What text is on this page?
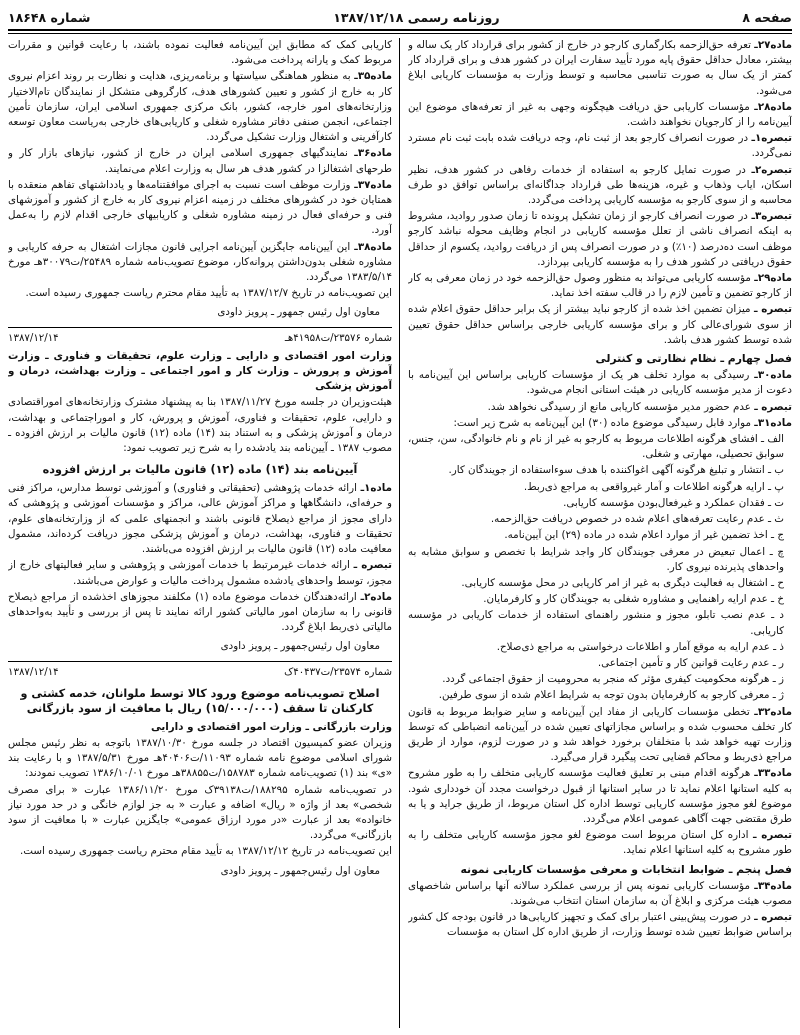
صفحه ۸
روزنامه رسمی ۱۳۸۷/۱۲/۱۸
شماره ۱۸۶۴۸
ماده۲۷ـ تعرفه حق‌الزحمه بکارگماری کارجو در خارج از کشور برای قرارداد کار یک ساله و بیشتر، معادل حداقل حقوق پایه مورد تأیید سفارت ایران در کشور هدف و برای قرارداد کار کمتر از یک سال به صورت تناسبی محاسبه و توسط وزارت به مؤسسات کاریابی ابلاغ می‌شود.
ماده۲۸ـ مؤسسات کاریابی حق دریافت هیچگونه وجهی به غیر از تعرفه‌های موضوع این آیین‌نامه را از کارجویان نخواهند داشت.
تبصره۱ـ در صورت انصراف کارجو بعد از ثبت نام، وجه دریافت شده بابت ثبت نام مسترد نمی‌گردد.
تبصره۲ـ در صورت تمایل کارجو به استفاده از خدمات رفاهی در کشور هدف، نظیر اسکان، ایاب وذهاب و غیره، هزینه‌ها طی قرارداد جداگانه‌ای براساس توافق دو طرف محاسبه و از سوی کارجو به مؤسسه کاریابی پرداخت می‌گردد.
تبصره۳ـ در صورت انصراف کارجو از زمان تشکیل پرونده تا زمان صدور روادید، مشروط به اینکه انصراف ناشی از تعلل مؤسسه کاریابی در انجام وظایف محوله نباشد کارجو موظف است ده‌درصد (۱۰٪) و در صورت انصراف پس از دریافت روادید، یکسوم از حداقل حقوق دریافتی در کشور هدف را به مؤسسه کاریابی بپردازد.
ماده۲۹ـ مؤسسه کاریابی می‌تواند به منظور وصول حق‌الزحمه خود در زمان معرفی به کار از کارجو تضمین و تأمین لازم را در قالب سفته اخذ نماید.
تبصره ـ میزان تضمین اخذ شده از کارجو نباید بیشتر از یک برابر حداقل حقوق اعلام شده از سوی شورای‌عالی کار و برای مؤسسه کاریابی خارجی براساس حداقل حقوق تعیین شده توسط کشور هدف باشد.
فصل چهارم ـ نظام نظارتی و کنترلی
ماده۳۰ـ رسیدگی به موارد تخلف هر یک از مؤسسات کاریابی براساس این آیین‌نامه با دعوت از مدیر مؤسسه کاریابی در هیئت استانی انجام می‌شود.
تبصره ـ عدم حضور مدیر مؤسسه کاریابی مانع از رسیدگی نخواهد شد.
ماده۳۱ـ موارد قابل رسیدگی موضوع ماده (۳۰) این آیین‌نامه به شرح زیر است:
الف ـ افشای هرگونه اطلاعات مربوط به کارجو به غیر از نام و نام خانوادگی، سن، جنس، سوابق تحصیلی، مهارتی و شغلی.
ب ـ انتشار و تبلیغ هرگونه آگهی اغواکننده با هدف سوءاستفاده از جویندگان کار.
پ ـ ارایه هرگونه اطلاعات و آمار غیرواقعی به مراجع ذی‌ربط.
ت ـ فقدان عملکرد و غیرفعال‌بودن مؤسسه کاریابی.
ث ـ عدم رعایت تعرفه‌های اعلام شده در خصوص دریافت حق‌الزحمه.
ج ـ اخذ تضمین غیر از موارد اعلام شده در ماده (۲۹) این آیین‌نامه.
چ ـ اعمال تبعیض در معرفی جویندگان کار واجد شرایط با تخصص و سوابق مشابه به واحدهای پذیرنده نیروی کار.
ح ـ اشتغال به فعالیت دیگری به غیر از امر کاریابی در محل مؤسسه کاریابی.
خ ـ عدم ارایه راهنمایی و مشاوره شغلی به جویندگان کار و کارفرمایان.
د ـ عدم نصب تابلو، مجوز و منشور راهنمای استفاده از خدمات کاریابی در مؤسسه کاریابی.
ذ ـ عدم ارایه به موقع آمار و اطلاعات درخواستی به مراجع ذی‌صلاح.
ر ـ عدم رعایت قوانین کار و تأمین اجتماعی.
ز ـ هرگونه محکومیت کیفری مؤثر که منجر به محرومیت از حقوق اجتماعی گردد.
ژ ـ معرفی کارجو به کارفرمایان بدون توجه به شرایط اعلام شده از سوی طرفین.
ماده۳۲ـ تخطی مؤسسات کاریابی از مفاد این آیین‌نامه و سایر ضوابط مربوط به قانون کار تخلف محسوب شده و براساس مجازاتهای تعیین شده در آیین‌نامه انضباطی که توسط وزارت تهیه خواهد شد با متخلفان برخورد خواهد شد و در صورت لزوم، موارد از طریق مراجع ذی‌ربط و محاکم قضایی تحت پیگیرد قرار می‌گیرد.
ماده۳۳ـ هرگونه اقدام مبنی بر تعلیق فعالیت مؤسسه کاریابی متخلف را به طور مشروح به کلیه استانها اعلام نماید تا در سایر استانها از قبول درخواست مجدد آن خودداری شود. موضوع لغو مجوز مؤسسه کاریابی توسط اداره کل استان مربوط، از طریق جراید و یا به طرق مقتضی جهت آگاهی عمومی اعلام می‌گردد.
تبصره ـ اداره کل استان مربوط است موضوع لغو مجوز مؤسسه کاریابی متخلف را به طور مشروح به کلیه استانها اعلام نماید.
فصل پنجم ـ ضوابط انتخابات و معرفی مؤسسات کاریابی نمونه
ماده۳۴ـ مؤسسات کاریابی نمونه پس از بررسی عملکرد سالانه آنها براساس شاخصهای مصوب هیئت مرکزی و ابلاغ آن به سازمان استان انتخاب می‌شوند.
تبصره ـ در صورت پیش‌بینی اعتبار برای کمک و تجهیز کاریابی‌ها در قانون بودجه کل کشور براساس ضوابط تعیین شده توسط وزارت، از طریق اداره کل استان به مؤسسات
کاریابی کمک که مطابق این آیین‌نامه فعالیت نموده باشند، با رعایت قوانین و مقررات مربوط کمک و یارانه پرداخت می‌شود.
ماده۳۵ـ به منظور هماهنگی سیاستها و برنامه‌ریزی، هدایت و نظارت بر روند اعزام نیروی کار به خارج از کشور و تعیین کشورهای هدف، کارگروهی متشکل از نمایندگان تام‌الاختیار وزارتخانه‌های امور خارجه، کشور، بانک مرکزی جمهوری اسلامی ایران، سازمان تأمین اجتماعی، انجمن صنفی دفاتر مشاوره شغلی و کاریابی‌های خارجی به‌ریاست معاون توسعه کارآفرینی و اشتغال وزارت تشکیل می‌گردد.
ماده۳۶ـ نمایندگیهای جمهوری اسلامی ایران در خارج از کشور، نیازهای بازار کار و طرحهای اشتغالزا در کشور هدف هر سال به وزارت اعلام می‌نمایند.
ماده۳۷ـ وزارت موظف است نسبت به اجرای موافقتنامه‌ها و یادداشتهای تفاهم منعقده با همتایان خود در کشورهای مختلف در زمینه اعزام نیروی کار به خارج از کشور و آموزشهای فنی و حرفه‌ای فعال در زمینه مشاوره شغلی و کاریابیهای خارجی اقدام لازم را به‌عمل آورد.
ماده۳۸ـ این آیین‌نامه جایگزین آیین‌نامه اجرایی قانون مجازات اشتغال به حرفه کاریابی و مشاوره شغلی بدون‌داشتن پروانه‌کار، موضوع تصویب‌نامه شماره ۲۵۴۸۹/ت۳۰۰۷۹هـ مورخ ۱۳۸۳/۵/۱۴ می‌گردد.
این تصویب‌نامه در تاریخ ۱۳۸۷/۱۲/۷ به تأیید مقام محترم ریاست جمهوری رسیده است.
معاون اول رئیس جمهور ـ پرویز داودی
شماره ۲۳۵۷۶/ت۴۱۹۵۸هـ
۱۳۸۷/۱۲/۱۴
وزارت امور اقتصادی و دارایی ـ وزارت علوم، تحقیقات و فناوری ـ وزارت آموزش و پرورش ـ وزارت کار و امور اجتماعی ـ وزارت بهداشت، درمان و آموزش پزشکی
هیئت‌وزیران در جلسه مورخ ۱۳۸۷/۱۱/۲۷ بنا به پیشنهاد مشترک وزارتخانه‌های اموراقتصادی و دارایی، علوم، تحقیقات و فناوری، آموزش و پرورش، کار و اموراجتماعی و بهداشت، درمان و آموزش پزشکی و به استناد بند (۱۴) ماده (۱۲) قانون مالیات بر ارزش افزوده ـ مصوب ۱۳۸۷ ـ آیین‌نامه بند یادشده را به شرح زیر تصویب نمود:
آیین‌نامه بند (۱۴) ماده (۱۲) قانون مالیات بر ارزش افزوده
ماده۱ـ ارائه خدمات پژوهشی (تحقیقاتی و فناوری) و آموزشی توسط مدارس، مراکز فنی و حرفه‌ای، دانشگاهها و مراکز آموزش عالی، مراکز و مؤسسات آموزشی و پژوهشی که دارای مجوز از مراجع ذیصلاح قانونی باشند و انجمنهای علمی که از وزارتخانه‌های علوم، تحقیقات و فناوری، بهداشت، درمان و آموزش پزشکی مجوز دریافت کرده‌اند، مشمول معافیت ماده (۱۲) قانون مالیات بر ارزش افزوده می‌باشند.
تبصره ـ ارائه خدمات غیرمرتبط با خدمات آموزشی و پژوهشی و سایر فعالیتهای خارج از مجوز، توسط واحدهای یادشده مشمول پرداخت مالیات و عوارض می‌باشند.
ماده۲ـ ارائه‌دهندگان خدمات موضوع ماده (۱) مکلفند مجوزهای اخذشده از مراجع ذیصلاح قانونی را به سازمان امور مالیاتی کشور ارائه نمایند تا پس از بررسی و تأیید به‌واحدهای مالیاتی ذی‌ربط ابلاغ گردد.
معاون اول رئیس‌جمهور ـ پرویز داودی
شماره ۲۳۵۷۴/ت۴۰۴۳۷ک
۱۳۸۷/۱۲/۱۴
اصلاح تصویب‌نامه موضوع ورود کالا توسط ملوانان، خدمه کشتی و کارکنان تا سقف (۱۵/۰۰۰/۰۰۰) ریال با معافیت از سود بازرگانی
وزارت بازرگانی ـ وزارت امور اقتصادی و دارایی
وزیران عضو کمیسیون اقتصاد در جلسه مورخ ۱۳۸۷/۱۰/۳۰ باتوجه به نظر رئیس مجلس شورای اسلامی موضوع نامه شماره ۱۱۰۹۳/ت۴۰۴۰۶هـ مورخ ۱۳۸۷/۵/۳۱ و با رعایت بند «ی» بند (۱) تصویب‌نامه شماره ۱۵۸۷۸۳/ت۳۸۸۵۵هـ مورخ ۱۳۸۶/۱۰/۰۱ تصویب نمودند:
در تصویب‌نامه شماره ۱۸۸۲۹۵/ت۳۹۱۳۸ک مورخ ۱۳۸۶/۱۱/۲۰ عبارت « برای مصرف شخصی» بعد از واژه « ریال» اضافه و عبارت « به جز لوازم خانگی و در حد مورد نیاز خانواده» بعد از عبارت «در مورد ارزاق عمومی» جایگزین عبارت « با معافیت از سود بازرگانی» می‌گردد.
این تصویب‌نامه در تاریخ ۱۳۸۷/۱۲/۱۲ به تأیید مقام محترم ریاست جمهوری رسیده است.
معاون اول رئیس‌جمهور ـ پرویز داودی
